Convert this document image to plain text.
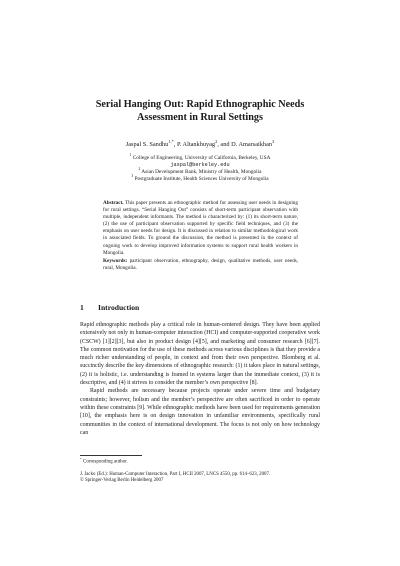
Serial Hanging Out: Rapid Ethnographic Needs
Assessment in Rural Settings
Jaspal S. Sandhu$^{1,*}$, P. Altankhuyag$^2$, and D. Amarsaikhan$^3$
$^1$ College of Engineering, University of California, Berkeley, USA
jaspal@berkeley.edu
$^2$ Asian Development Bank, Ministry of Health, Mongolia
$^3$ Postgraduate Institute, Health Sciences University of Mongolia
Abstract. This paper presents an ethnographic method for assessing user needs in designing for rural settings. “Serial Hanging Out” consists of short-term participant observation with multiple, independent informants. The method is characterized by: (1) its short-term nature, (2) the use of participant observation supported by specific field techniques, and (3) the emphasis on user needs for design. It is discussed in relation to similar methodological work in associated fields. To ground the discussion, the method is presented in the context of ongoing work to develop improved information systems to support rural health workers in Mongolia.
Keywords: participant observation, ethnography, design, qualitative methods, user needs, rural, Mongolia.
1 Introduction

Rapid ethnographic methods play a critical role in human-centered design. They have been applied extensively not only in human-computer interaction (HCI) and computer-supported cooperative work (CSCW) [1][2][3], but also in product design [4][5], and marketing and consumer research [6][7]. The common motivation for the use of these methods across various disciplines is that they provide a much richer understanding of people, in context and from their own perspective. Blomberg et al. succinctly describe the key dimensions of ethnographic research: (1) it takes place in natural settings, (2) it is holistic, i.e. understanding is framed in systems larger than the immediate context, (3) it is descriptive, and (4) it strives to consider the member’s own perspective [8].

Rapid methods are necessary because projects operate under severe time and budgetary constraints; however, holism and the member’s perspective are often sacrificed in order to operate within these constraints [9]. While ethnographic methods have been used for requirements generation [10], the emphasis here is on design innovation in unfamiliar environments, specifically rural communities in the context of international development. The focus is not only on how technology can

* Corresponding author.
J. Jacko (Ed.): Human-Computer Interaction, Part I, HCII 2007, LNCS 4550, pp. 614–623, 2007.
© Springer-Verlag Berlin Heidelberg 2007
